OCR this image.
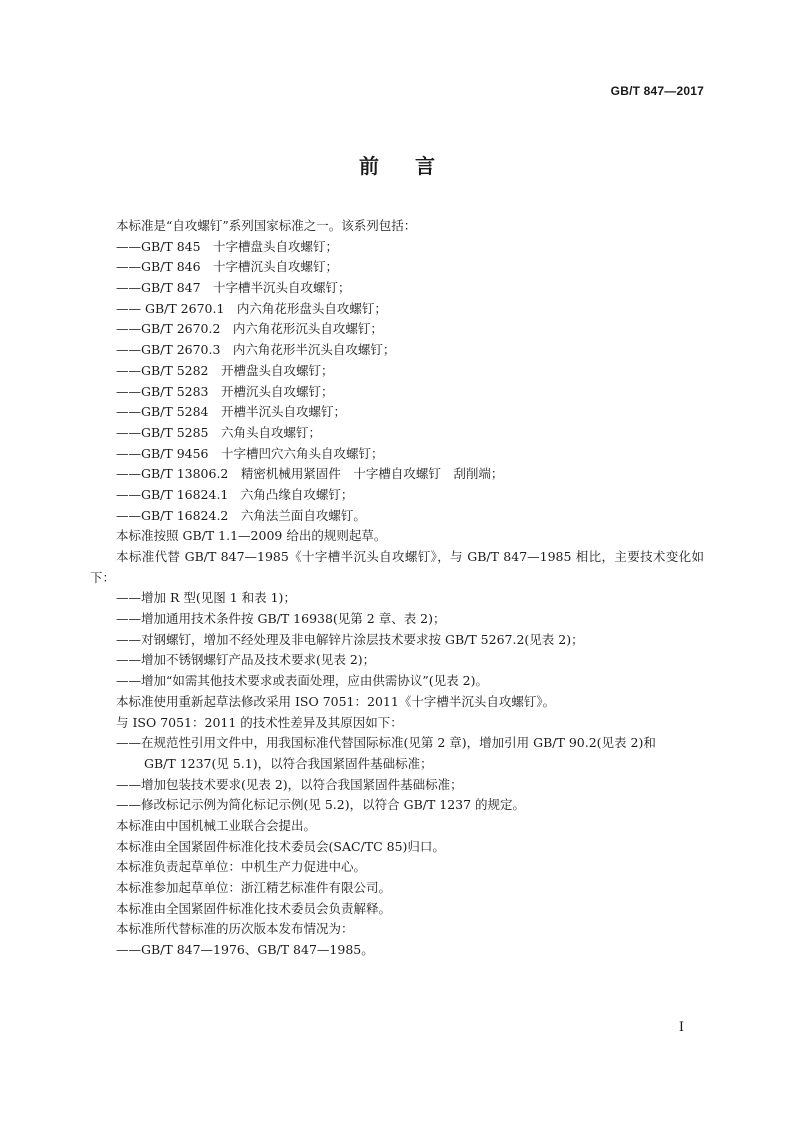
GB/T 847—2017
前言
本标准是“自攻螺钉”系列国家标准之一。该系列包括：
——GB/T 845　十字槽盘头自攻螺钉；
——GB/T 846　十字槽沉头自攻螺钉；
——GB/T 847　十字槽半沉头自攻螺钉；
—— GB/T 2670.1　内六角花形盘头自攻螺钉；
——GB/T 2670.2　内六角花形沉头自攻螺钉；
——GB/T 2670.3　内六角花形半沉头自攻螺钉；
——GB/T 5282　开槽盘头自攻螺钉；
——GB/T 5283　开槽沉头自攻螺钉；
——GB/T 5284　开槽半沉头自攻螺钉；
——GB/T 5285　六角头自攻螺钉；
——GB/T 9456　十字槽凹穴六角头自攻螺钉；
——GB/T 13806.2　精密机械用紧固件　十字槽自攻螺钉　刮削端；
——GB/T 16824.1　六角凸缘自攻螺钉；
——GB/T 16824.2　六角法兰面自攻螺钉。
本标准按照 GB/T 1.1—2009 给出的规则起草。
本标准代替 GB/T 847—1985《十字槽半沉头自攻螺钉》，与 GB/T 847—1985 相比，主要技术变化如下：
——增加 R 型(见图 1 和表 1)；
——增加通用技术条件按 GB/T 16938(见第 2 章、表 2)；
——对钢螺钉，增加不经处理及非电解锌片涂层技术要求按 GB/T 5267.2(见表 2)；
——增加不锈钢螺钉产品及技术要求(见表 2)；
——增加“如需其他技术要求或表面处理，应由供需协议”(见表 2)。
本标准使用重新起草法修改采用 ISO 7051：2011《十字槽半沉头自攻螺钉》。
与 ISO 7051：2011 的技术性差异及其原因如下：
——在规范性引用文件中，用我国标准代替国际标准(见第 2 章)，增加引用 GB/T 90.2(见表 2)和
GB/T 1237(见 5.1)，以符合我国紧固件基础标准；
——增加包装技术要求(见表 2)，以符合我国紧固件基础标准；
——修改标记示例为简化标记示例(见 5.2)，以符合 GB/T 1237 的规定。
本标准由中国机械工业联合会提出。
本标准由全国紧固件标准化技术委员会(SAC/TC 85)归口。
本标准负责起草单位：中机生产力促进中心。
本标准参加起草单位：浙江精艺标准件有限公司。
本标准由全国紧固件标准化技术委员会负责解释。
本标准所代替标准的历次版本发布情况为：
——GB/T 847—1976、GB/T 847—1985。
I
